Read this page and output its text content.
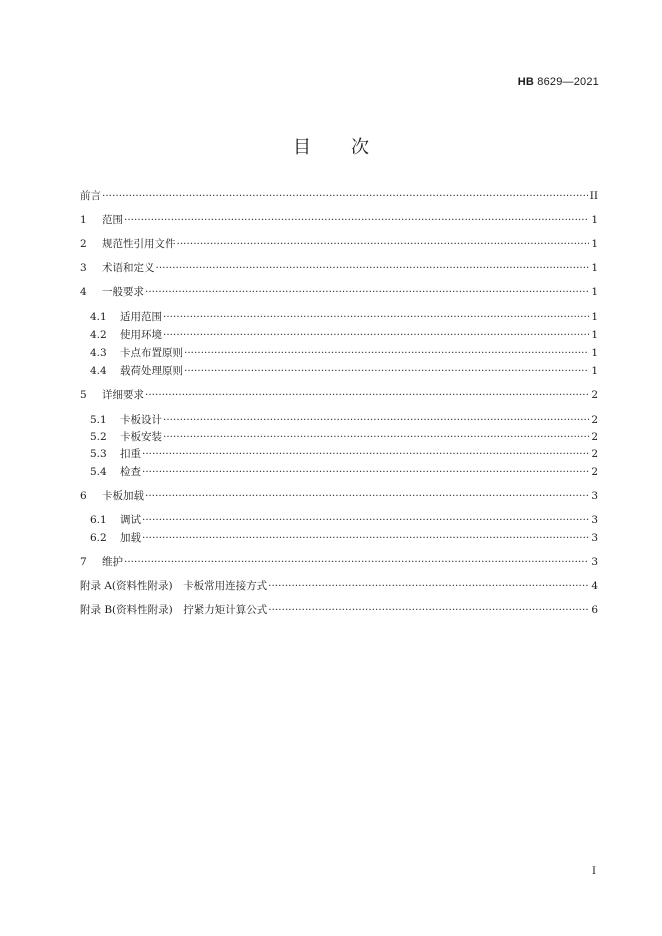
HB 8629—2021
目次
前言 ·····	II
1	范围 ·····	1
2	规范性引用文件 ·····	1
3	术语和定义 ·····	1
4	一般要求 ·····	1
4.1	适用范围 ·····	1
4.2	使用环境 ·····	1
4.3	卡点布置原则 ·····	1
4.4	载荷处理原则 ·····	1
5	详细要求 ·····	2
5.1	卡板设计 ·····	2
5.2	卡板安装 ·····	2
5.3	扣重 ·····	2
5.4	检查 ·····	2
6	卡板加载 ·····	3
6.1	调试 ·····	3
6.2	加载 ·····	3
7	维护 ·····	3
附录 A(资料性附录)　卡板常用连接方式 ·····	4
附录 B(资料性附录)　拧紧力矩计算公式 ·····	6
I
